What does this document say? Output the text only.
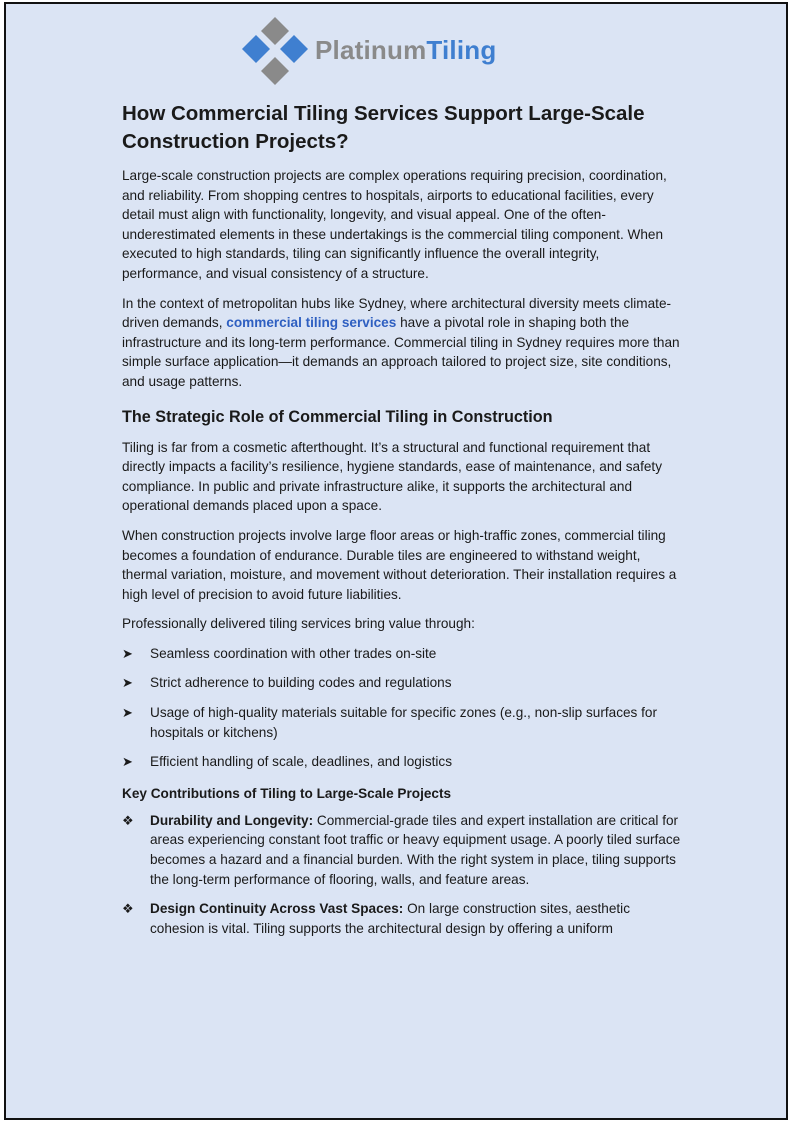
PlatinumTiling
How Commercial Tiling Services Support Large-Scale Construction Projects?

Large-scale construction projects are complex operations requiring precision, coordination, and reliability. From shopping centres to hospitals, airports to educational facilities, every detail must align with functionality, longevity, and visual appeal. One of the often-underestimated elements in these undertakings is the commercial tiling component. When executed to high standards, tiling can significantly influence the overall integrity, performance, and visual consistency of a structure.

In the context of metropolitan hubs like Sydney, where architectural diversity meets climate-driven demands, commercial tiling services have a pivotal role in shaping both the infrastructure and its long-term performance. Commercial tiling in Sydney requires more than simple surface application—it demands an approach tailored to project size, site conditions, and usage patterns.

The Strategic Role of Commercial Tiling in Construction

Tiling is far from a cosmetic afterthought. It’s a structural and functional requirement that directly impacts a facility’s resilience, hygiene standards, ease of maintenance, and safety compliance. In public and private infrastructure alike, it supports the architectural and operational demands placed upon a space.

When construction projects involve large floor areas or high-traffic zones, commercial tiling becomes a foundation of endurance. Durable tiles are engineered to withstand weight, thermal variation, moisture, and movement without deterioration. Their installation requires a high level of precision to avoid future liabilities.

Professionally delivered tiling services bring value through:

➤	Seamless coordination with other trades on-site
➤	Strict adherence to building codes and regulations
➤	Usage of high-quality materials suitable for specific zones (e.g., non-slip surfaces for hospitals or kitchens)
➤	Efficient handling of scale, deadlines, and logistics
Key Contributions of Tiling to Large-Scale Projects
❖	Durability and Longevity: Commercial-grade tiles and expert installation are critical for areas experiencing constant foot traffic or heavy equipment usage. A poorly tiled surface becomes a hazard and a financial burden. With the right system in place, tiling supports the long-term performance of flooring, walls, and feature areas.
❖	Design Continuity Across Vast Spaces: On large construction sites, aesthetic cohesion is vital. Tiling supports the architectural design by offering a uniform
